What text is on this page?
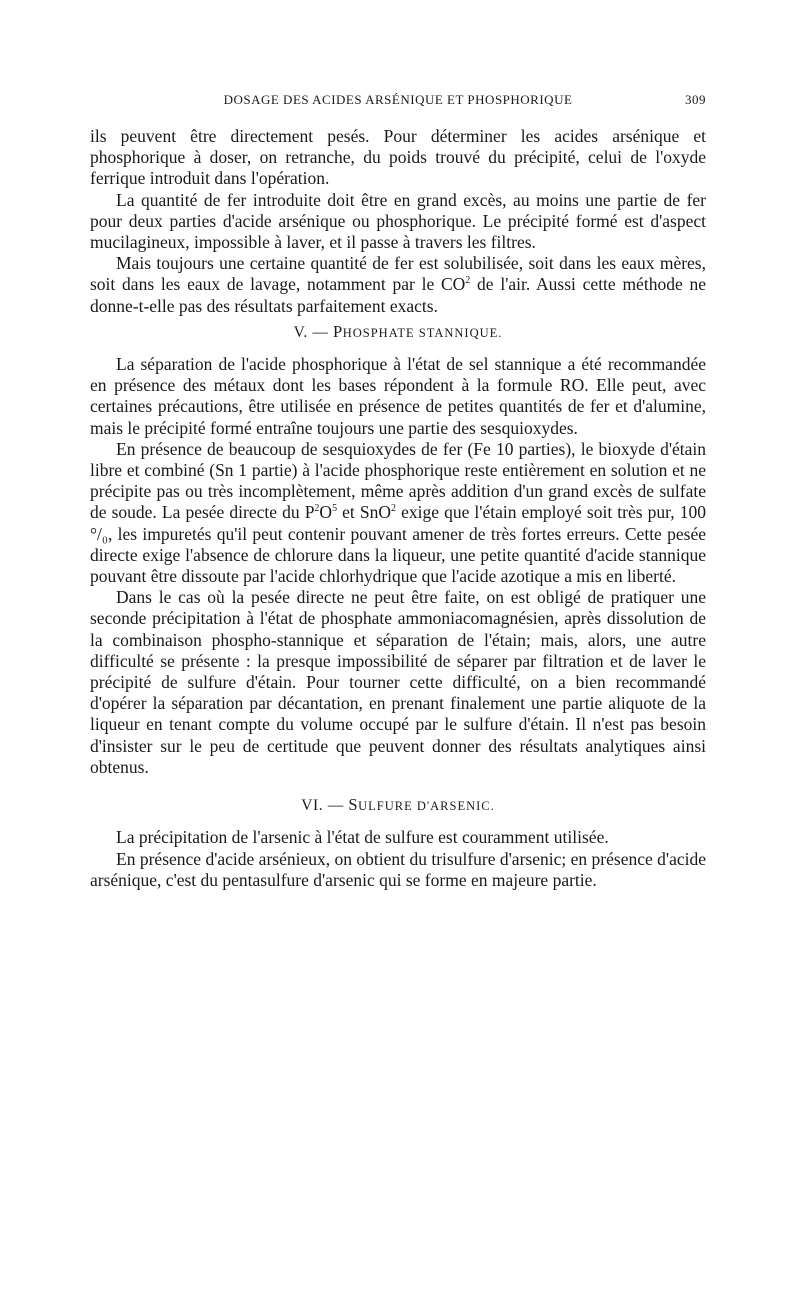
DOSAGE DES ACIDES ARSÉNIQUE ET PHOSPHORIQUE	309

ils peuvent être directement pesés. Pour déterminer les acides arsénique et phosphorique à doser, on retranche, du poids trouvé du précipité, celui de l'oxyde ferrique introduit dans l'opération.

La quantité de fer introduite doit être en grand excès, au moins une partie de fer pour deux parties d'acide arsénique ou phosphorique. Le précipité formé est d'aspect mucilagineux, impossible à laver, et il passe à travers les filtres.

Mais toujours une certaine quantité de fer est solubilisée, soit dans les eaux mères, soit dans les eaux de lavage, notamment par le $CO^2$ de l'air. Aussi cette méthode ne donne-t-elle pas des résultats parfaitement exacts.

V. — PHOSPHATE STANNIQUE.

La séparation de l'acide phosphorique à l'état de sel stannique a été recommandée en présence des métaux dont les bases répondent à la formule RO. Elle peut, avec certaines précautions, être utilisée en présence de petites quantités de fer et d'alumine, mais le précipité formé entraîne toujours une partie des sesquioxydes.

En présence de beaucoup de sesquioxydes de fer (Fe 10 parties), le bioxyde d'étain libre et combiné (Sn 1 partie) à l'acide phosphorique reste entièrement en solution et ne précipite pas ou très incomplètement, même après addition d'un grand excès de sulfate de soude. La pesée directe du $P^2O^5$ et SnO$^2$ exige que l'étain employé soit très pur, 100 °/₀, les impuretés qu'il peut contenir pouvant amener de très fortes erreurs. Cette pesée directe exige l'absence de chlorure dans la liqueur, une petite quantité d'acide stannique pouvant être dissoute par l'acide chlorhydrique que l'acide azotique a mis en liberté.

Dans le cas où la pesée directe ne peut être faite, on est obligé de pratiquer une seconde précipitation à l'état de phosphate ammoniacomagnésien, après dissolution de la combinaison phospho-stannique et séparation de l'étain; mais, alors, une autre difficulté se présente : la presque impossibilité de séparer par filtration et de laver le précipité de sulfure d'étain. Pour tourner cette difficulté, on a bien recommandé d'opérer la séparation par décantation, en prenant finalement une partie aliquote de la liqueur en tenant compte du volume occupé par le sulfure d'étain. Il n'est pas besoin d'insister sur le peu de certitude que peuvent donner des résultats analytiques ainsi obtenus.

VI. — SULFURE D'ARSENIC.

La précipitation de l'arsenic à l'état de sulfure est couramment utilisée.

En présence d'acide arsénieux, on obtient du trisulfure d'arsenic; en présence d'acide arsénique, c'est du pentasulfure d'arsenic qui se forme en majeure partie.
